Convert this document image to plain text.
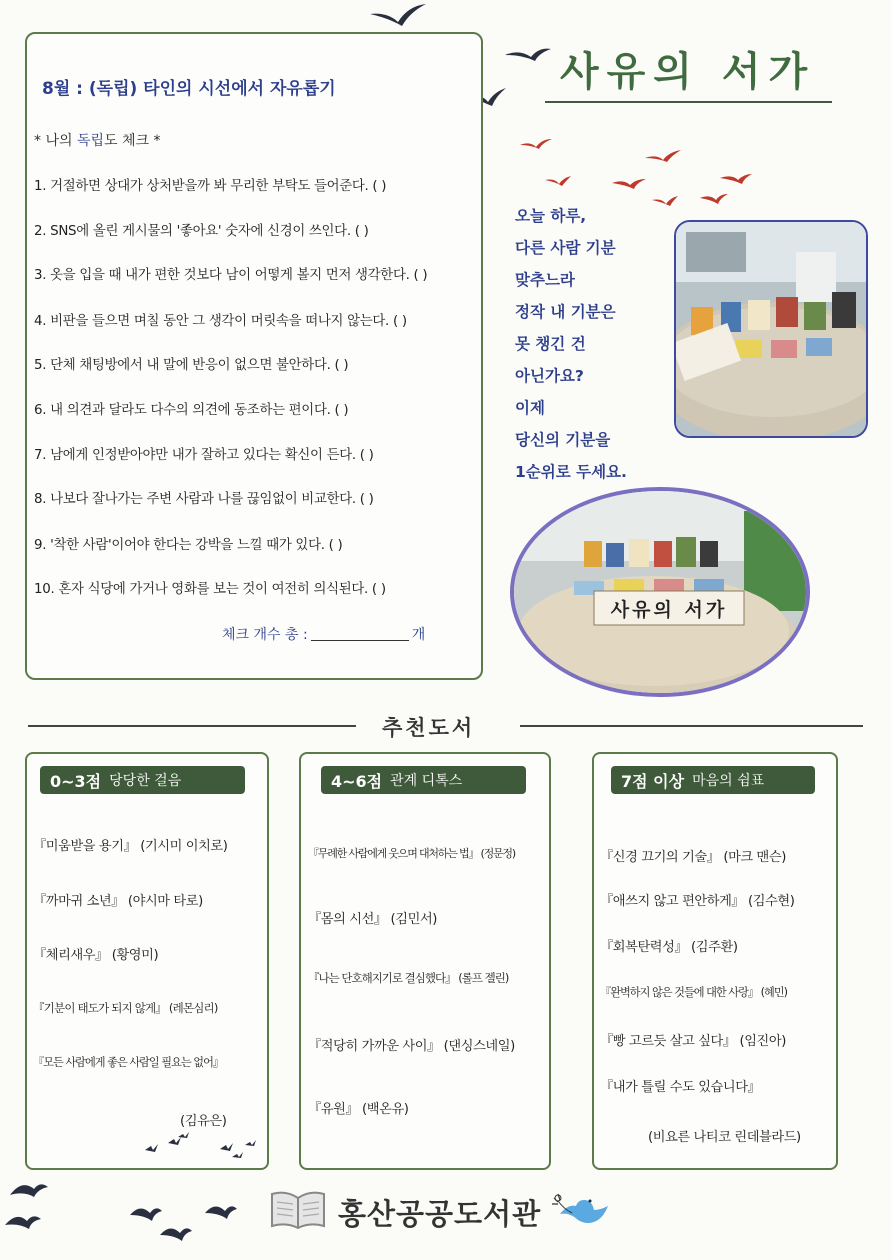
사유의 서가
8월 : (독립) 타인의 시선에서 자유롭기
* 나의 독립도 체크 *
1. 거절하면 상대가 상처받을까 봐 무리한 부탁도 들어준다. ( )
2. SNS에 올린 게시물의 '좋아요' 숫자에 신경이 쓰인다. ( )
3. 옷을 입을 때 내가 편한 것보다 남이 어떻게 볼지 먼저 생각한다. ( )
4. 비판을 들으면 며칠 동안 그 생각이 머릿속을 떠나지 않는다. ( )
5. 단체 채팅방에서 내 말에 반응이 없으면 불안하다. ( )
6. 내 의견과 달라도 다수의 의견에 동조하는 편이다. ( )
7. 남에게 인정받아야만 내가 잘하고 있다는 확신이 든다. ( )
8. 나보다 잘나가는 주변 사람과 나를 끊임없이 비교한다. ( )
9. '착한 사람'이어야 한다는 강박을 느낄 때가 있다. ( )
10. 혼자 식당에 가거나 영화를 보는 것이 여전히 의식된다. ( )
체크 개수 총 :	개
오늘 하루,
다른 사람 기분
맞추느라
정작 내 기분은
못 챙긴 건
아닌가요?
이제
당신의 기분을
1순위로 두세요.
사유의 서가
추천도서
0~3점 당당한 걸음	4~6점 관계 디톡스	7점 이상 마음의 쉼표
『미움받을 용기』 (기시미 이치로)
『까마귀 소년』 (야시마 타로)
『체리새우』 (황영미)
『기분이 태도가 되지 않게』 (레몬심리)
『모든 사람에게 좋은 사람일 필요는 없어』
(김유은)
『무례한 사람에게 웃으며 대처하는 법』 (정문정)
『몸의 시선』 (김민서)
『나는 단호해지기로 결심했다』 (롤프 젤린)
『적당히 가까운 사이』 (댄싱스네일)
『유원』 (백온유)
『신경 끄기의 기술』 (마크 맨슨)
『애쓰지 않고 편안하게』 (김수현)
『회복탄력성』 (김주환)
『완벽하지 않은 것들에 대한 사랑』 (혜민)
『빵 고르듯 살고 싶다』 (임진아)
『내가 틀릴 수도 있습니다』
(비요른 나티코 린데블라드)
홍산공공도서관
